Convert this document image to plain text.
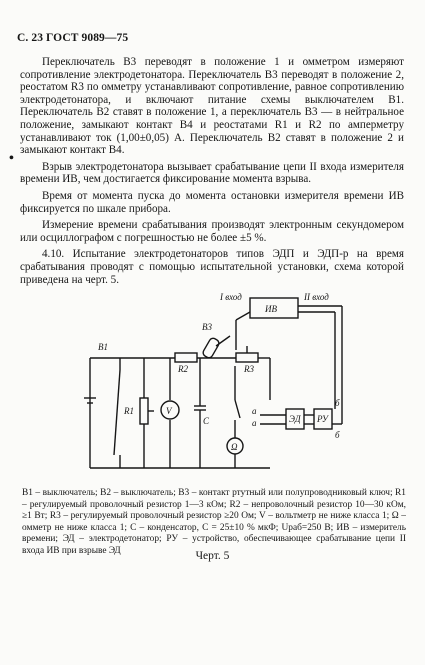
С. 23 ГОСТ 9089—75
•

Переключатель В3 переводят в положение 1 и омметром измеряют сопротивление электродетонатора. Переключатель В3 переводят в положение 2, реостатом R3 по омметру устанавливают сопротивление, равное сопротивлению электродетонатора, и включают питание схемы выключателем В1. Переключатель В2 ставят в положение 1, а переключатель В3 — в нейтральное положение, замыкают контакт В4 и реостатами R1 и R2 по амперметру устанавливают ток (1,00±0,05) А. Переключатель В2 ставят в положение 2 и замыкают контакт В4.

Взрыв электродетонатора вызывает срабатывание цепи II входа измерителя времени ИВ, чем достигается фиксирование момента взрыва.

Время от момента пуска до момента остановки измерителя времени ИВ фиксируется по шкале прибора.

Измерение времени срабатывания производят электронным секундомером или осциллографом с погрешностью не более ±5 %.

4.10. Испытание электродетонаторов типов ЭДП и ЭДП-р на время срабатывания проводят с помощью испытательной установки, схема которой приведена на черт. 5.

В1
R1
R2
В3
R3
V
C
Ω
а
а	ЭД
б
б
РУ
ИВ
I вход	II вход

В1 – выключатель; В2 – выключатель; В3 – контакт ртутный или полупроводниковый ключ; R1 – регулируемый проволочный резистор 1—3 кОм; R2 – непроволочный резистор 10—30 кОм, ≥1 Вт; R3 – регулируемый проволочный резистор ≥20 Ом; V – вольтметр не ниже класса 1; Ω – омметр не ниже класса 1; С – конденсатор, С = 25±10 % мкФ; Uраб=250 В; ИВ – измеритель времени; ЭД – электродетонатор; РУ – устройство, обеспечивающее срабатывание цепи II входа ИВ при взрыве ЭД	Черт. 5
